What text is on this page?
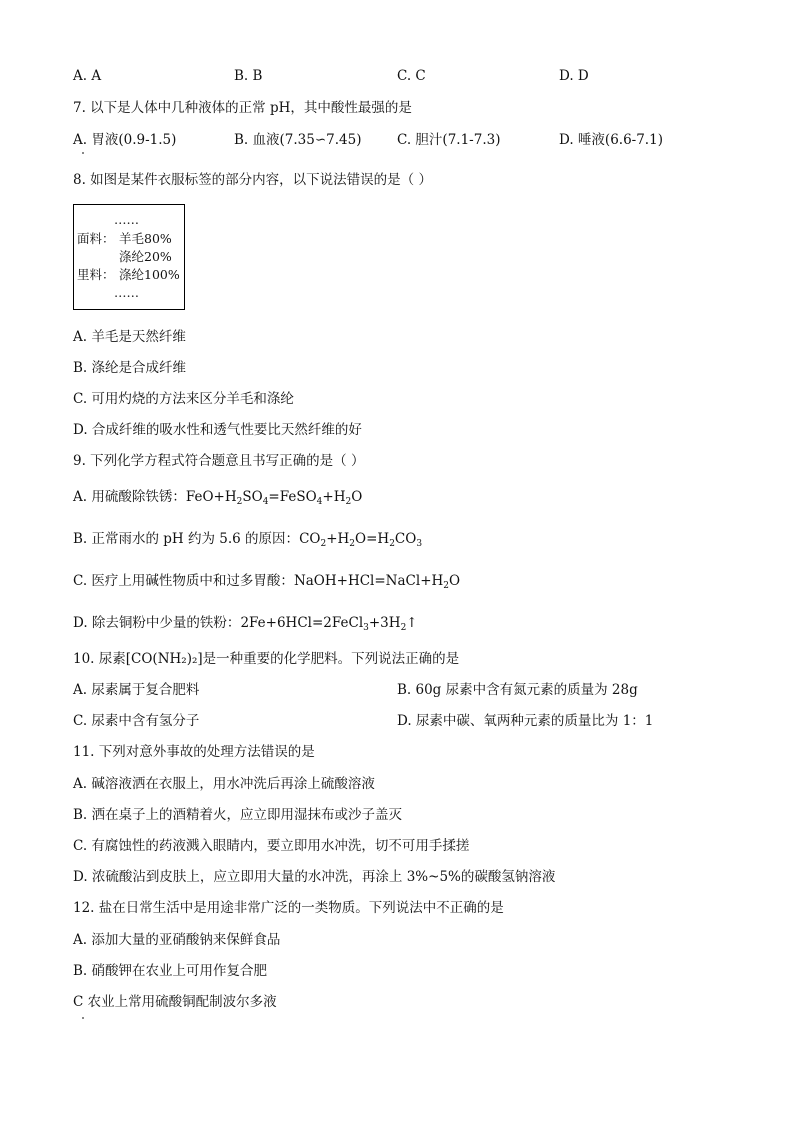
A. A	B. B	C. C	D. D
7. 以下是人体中几种液体的正常 pH，其中酸性最强的是
A. 胃液(0.9-1.5)	B. 血液(7.35∽7.45)	C. 胆汁(7.1-7.3)	D. 唾液(6.6-7.1)
8. 如图是某件衣服标签的部分内容，以下说法错误的是（ ）
……
面料： 羊毛80%
涤纶20%
里料： 涤纶100%
……
A. 羊毛是天然纤维
B. 涤纶是合成纤维
C. 可用灼烧的方法来区分羊毛和涤纶
D. 合成纤维的吸水性和透气性要比天然纤维的好
9. 下列化学方程式符合题意且书写正确的是（ ）
A. 用硫酸除铁锈：$FeO+H_2SO_4=FeSO_4+H_2O$
B. 正常雨水的 pH 约为 5.6 的原因：$CO_2+H_2O=H_2CO_3$
C. 医疗上用碱性物质中和过多胃酸：$NaOH+HCl=NaCl+H_2O$
D. 除去铜粉中少量的铁粉：$2Fe+6HCl=2FeCl_3+3H_2↑$
10. 尿素[CO(NH₂)₂]是一种重要的化学肥料。下列说法正确的是
A. 尿素属于复合肥料	B. 60g 尿素中含有氮元素的质量为 28g
C. 尿素中含有氢分子	D. 尿素中碳、氧两种元素的质量比为 1：1
11. 下列对意外事故的处理方法错误的是
A. 碱溶液洒在衣服上，用水冲洗后再涂上硫酸溶液
B. 洒在桌子上的酒精着火，应立即用湿抹布或沙子盖灭
C. 有腐蚀性的药液溅入眼睛内，要立即用水冲洗，切不可用手揉搓
D. 浓硫酸沾到皮肤上，应立即用大量的水冲洗，再涂上 3%~5%的碳酸氢钠溶液
12. 盐在日常生活中是用途非常广泛的一类物质。下列说法中不正确的是
A. 添加大量的亚硝酸钠来保鲜食品
B. 硝酸钾在农业上可用作复合肥
C 农业上常用硫酸铜配制波尔多液
